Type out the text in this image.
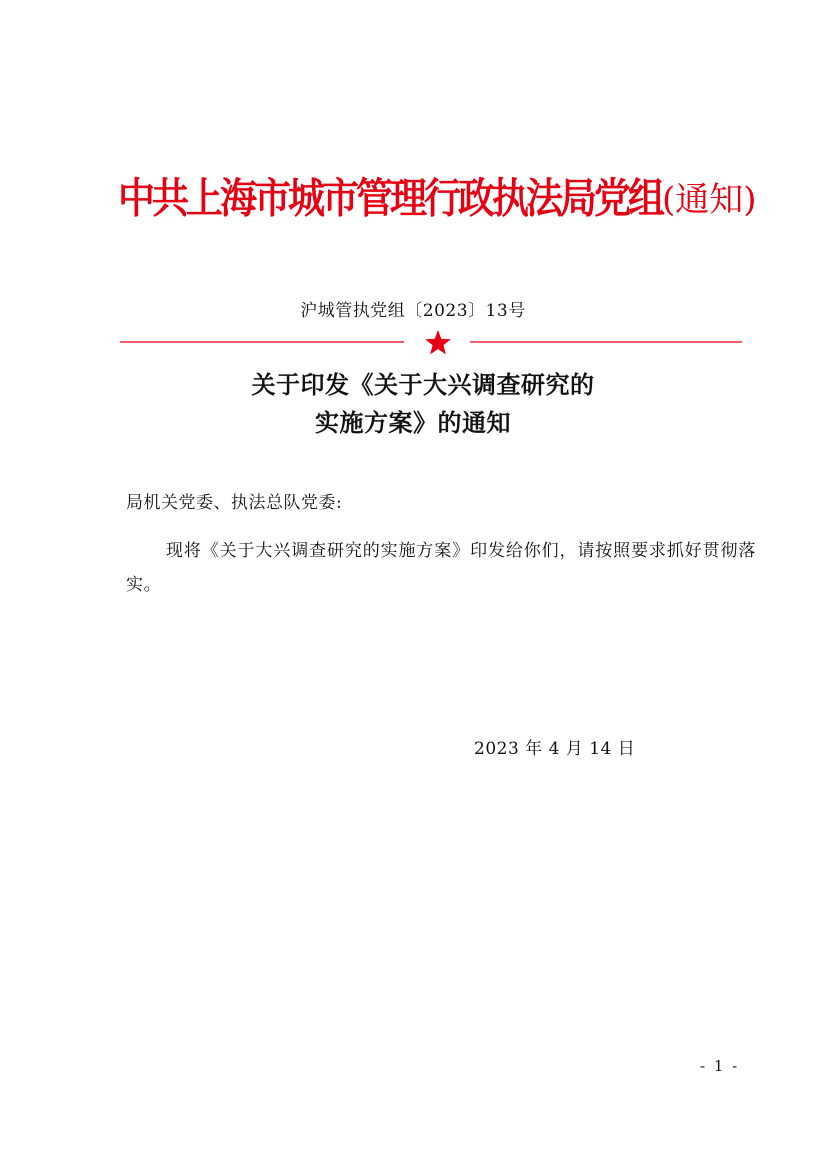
中共上海市城市管理行政执法局党组(通知)
沪城管执党组〔2023〕13号
关于印发《关于大兴调查研究的
实施方案》的通知
局机关党委、执法总队党委:
现将《关于大兴调查研究的实施方案》印发给你们，请按照要求抓好贯彻落实。
2023 年 4 月 14 日
- 1 -
